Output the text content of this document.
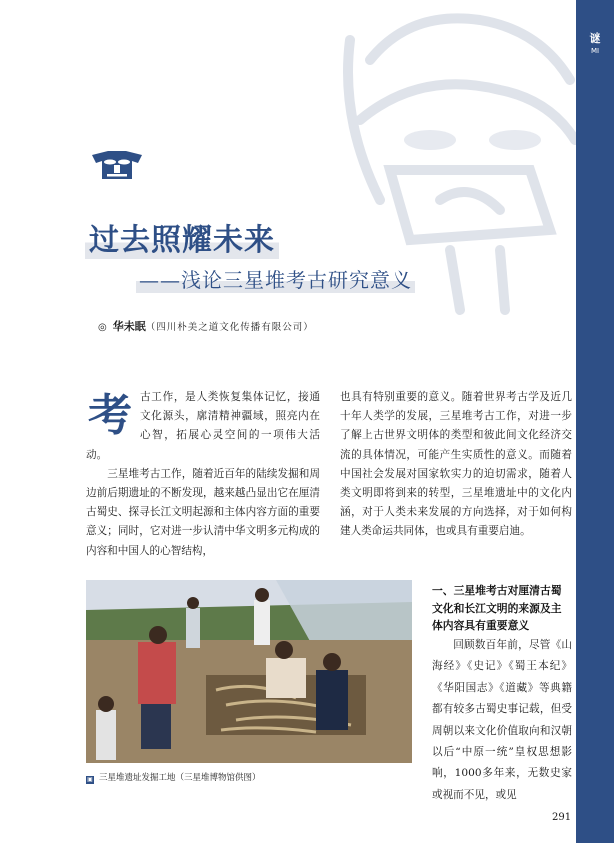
谜
MI
过去照耀未来
——浅论三星堆考古研究意义
◎ 华未眠（四川朴美之道文化传播有限公司）
考 古工作，是人类恢复集体记忆，接通文化源头，廓清精神疆域，照亮内在心智，拓展心灵空间的一项伟大活动。

三星堆考古工作，随着近百年的陆续发掘和周边前后期遗址的不断发现，越来越凸显出它在厘清古蜀史、探寻长江文明起源和主体内容方面的重要意义；同时，它对进一步认清中华文明多元构成的内容和中国人的心智结构，

也具有特别重要的意义。随着世界考古学及近几十年人类学的发展，三星堆考古工作，对进一步了解上古世界文明体的类型和彼此间文化经济交流的具体情况，可能产生实质性的意义。而随着中国社会发展对国家软实力的迫切需求，随着人类文明即将到来的转型，三星堆遗址中的文化内涵，对于人类未来发展的方向选择，对于如何构建人类命运共同体，也或具有重要启迪。

▣ 三星堆遗址发掘工地（三星堆博物馆供图）
一、三星堆考古对厘清古蜀文化和长江文明的来源及主体内容具有重要意义

回顾数百年前，尽管《山海经》《史记》《蜀王本纪》《华阳国志》《道藏》等典籍都有较多古蜀史事记载，但受周朝以来文化价值取向和汉朝以后“中原一统”皇权思想影响，1000多年来，无数史家或视而不见，或见

291
